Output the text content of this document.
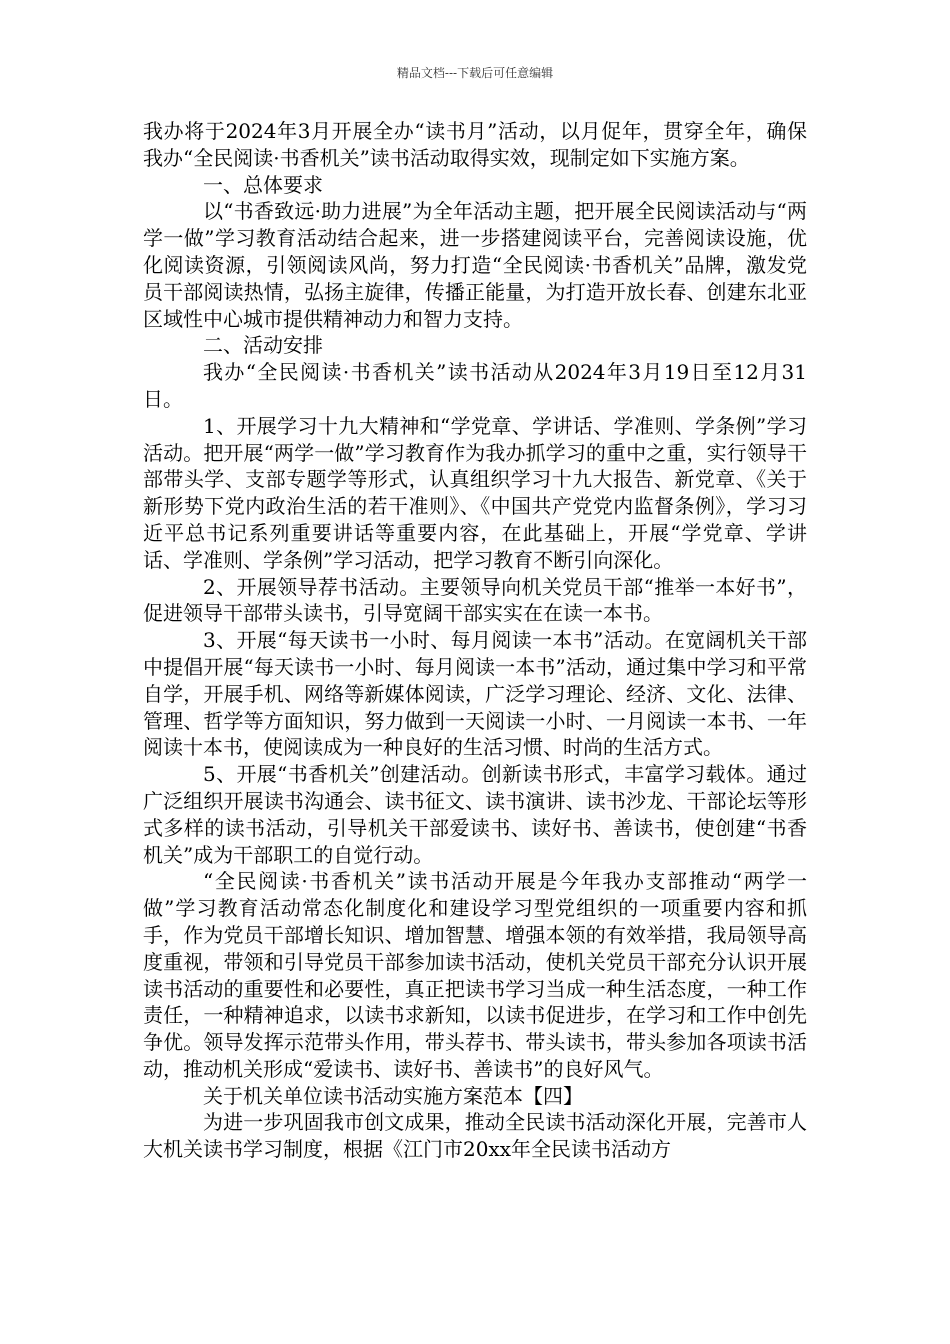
精品文档---下载后可任意编辑

我办将于2024年3月开展全办“读书月”活动，以月促年，贯穿全年，确保我办“全民阅读·书香机关”读书活动取得实效，现制定如下实施方案。

一、总体要求

以“书香致远·助力进展”为全年活动主题，把开展全民阅读活动与“两学一做”学习教育活动结合起来，进一步搭建阅读平台，完善阅读设施，优化阅读资源，引领阅读风尚，努力打造“全民阅读·书香机关”品牌，激发党员干部阅读热情，弘扬主旋律，传播正能量，为打造开放长春、创建东北亚区域性中心城市提供精神动力和智力支持。

二、活动安排

我办“全民阅读·书香机关”读书活动从2024年3月19日至12月31日。

1、开展学习十九大精神和“学党章、学讲话、学准则、学条例”学习活动。把开展“两学一做”学习教育作为我办抓学习的重中之重，实行领导干部带头学、支部专题学等形式，认真组织学习十九大报告、新党章、《关于新形势下党内政治生活的若干准则》、《中国共产党党内监督条例》，学习习近平总书记系列重要讲话等重要内容，在此基础上，开展“学党章、学讲话、学准则、学条例”学习活动，把学习教育不断引向深化。

2、开展领导荐书活动。主要领导向机关党员干部“推举一本好书”，促进领导干部带头读书，引导宽阔干部实实在在读一本书。

3、开展“每天读书一小时、每月阅读一本书”活动。在宽阔机关干部中提倡开展“每天读书一小时、每月阅读一本书”活动，通过集中学习和平常自学，开展手机、网络等新媒体阅读，广泛学习理论、经济、文化、法律、管理、哲学等方面知识，努力做到一天阅读一小时、一月阅读一本书、一年阅读十本书，使阅读成为一种良好的生活习惯、时尚的生活方式。

5、开展“书香机关”创建活动。创新读书形式，丰富学习载体。通过广泛组织开展读书沟通会、读书征文、读书演讲、读书沙龙、干部论坛等形式多样的读书活动，引导机关干部爱读书、读好书、善读书，使创建“书香机关”成为干部职工的自觉行动。

“全民阅读·书香机关”读书活动开展是今年我办支部推动“两学一做”学习教育活动常态化制度化和建设学习型党组织的一项重要内容和抓手，作为党员干部增长知识、增加智慧、增强本领的有效举措，我局领导高度重视，带领和引导党员干部参加读书活动，使机关党员干部充分认识开展读书活动的重要性和必要性，真正把读书学习当成一种生活态度，一种工作责任，一种精神追求，以读书求新知，以读书促进步，在学习和工作中创先争优。领导发挥示范带头作用，带头荐书、带头读书，带头参加各项读书活动，推动机关形成“爱读书、读好书、善读书”的良好风气。

关于机关单位读书活动实施方案范本【四】

为进一步巩固我市创文成果，推动全民读书活动深化开展，完善市人大机关读书学习制度，根据《江门市20xx年全民读书活动方
